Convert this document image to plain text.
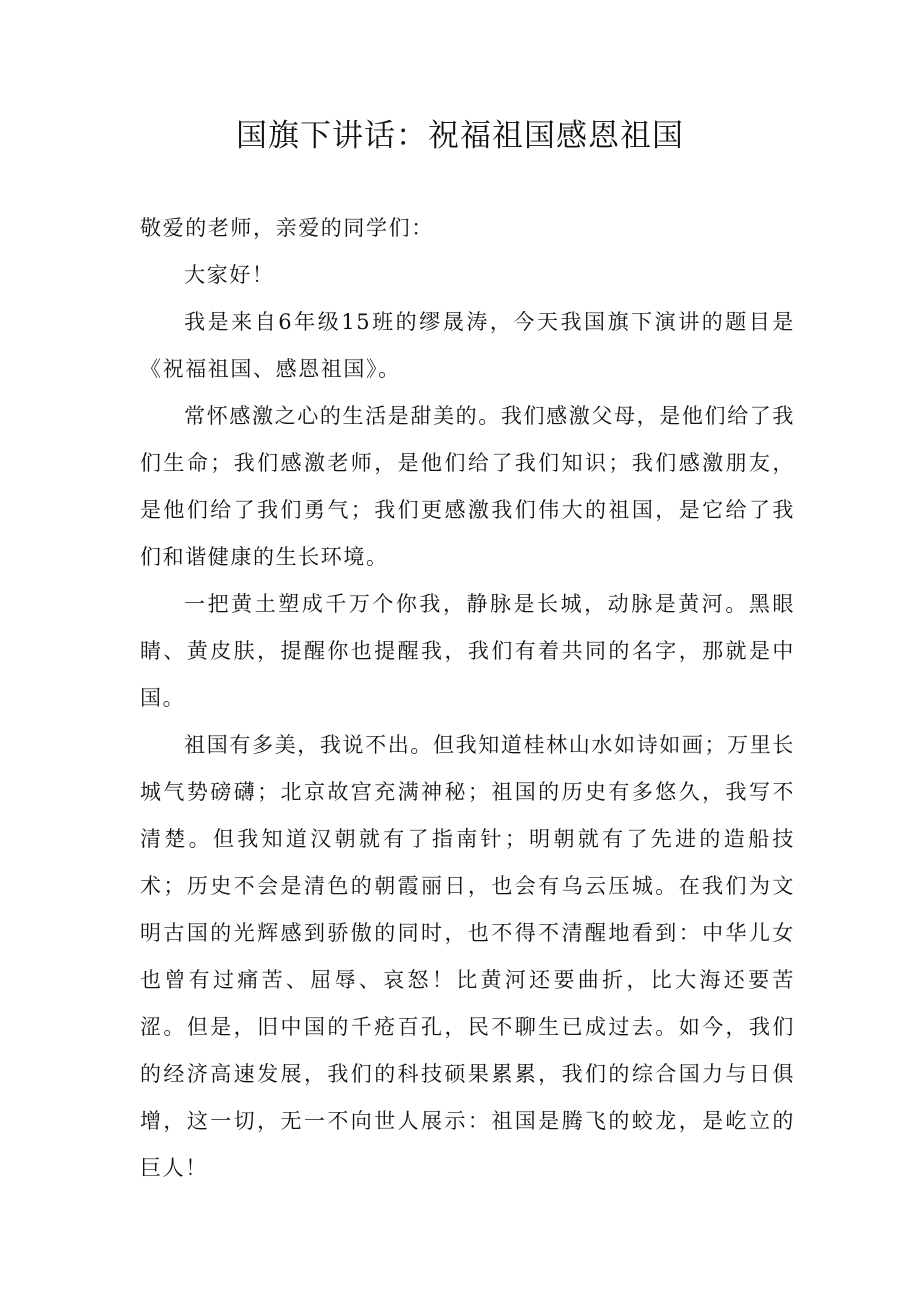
国旗下讲话：祝福祖国感恩祖国

敬爱的老师，亲爱的同学们：

大家好！

我是来自6年级15班的缪晟涛，今天我国旗下演讲的题目是《祝福祖国、感恩祖国》。

常怀感激之心的生活是甜美的。我们感激父母，是他们给了我们生命；我们感激老师，是他们给了我们知识；我们感激朋友，是他们给了我们勇气；我们更感激我们伟大的祖国，是它给了我们和谐健康的生长环境。

一把黄土塑成千万个你我，静脉是长城，动脉是黄河。黑眼睛、黄皮肤，提醒你也提醒我，我们有着共同的名字，那就是中国。

祖国有多美，我说不出。但我知道桂林山水如诗如画；万里长城气势磅礴；北京故宫充满神秘；祖国的历史有多悠久，我写不清楚。但我知道汉朝就有了指南针；明朝就有了先进的造船技术；历史不会是清色的朝霞丽日，也会有乌云压城。在我们为文明古国的光辉感到骄傲的同时，也不得不清醒地看到：中华儿女也曾有过痛苦、屈辱、哀怒！比黄河还要曲折，比大海还要苦涩。但是，旧中国的千疮百孔，民不聊生已成过去。如今，我们的经济高速发展，我们的科技硕果累累，我们的综合国力与日俱增，这一切，无一不向世人展示：祖国是腾飞的蛟龙，是屹立的巨人！
